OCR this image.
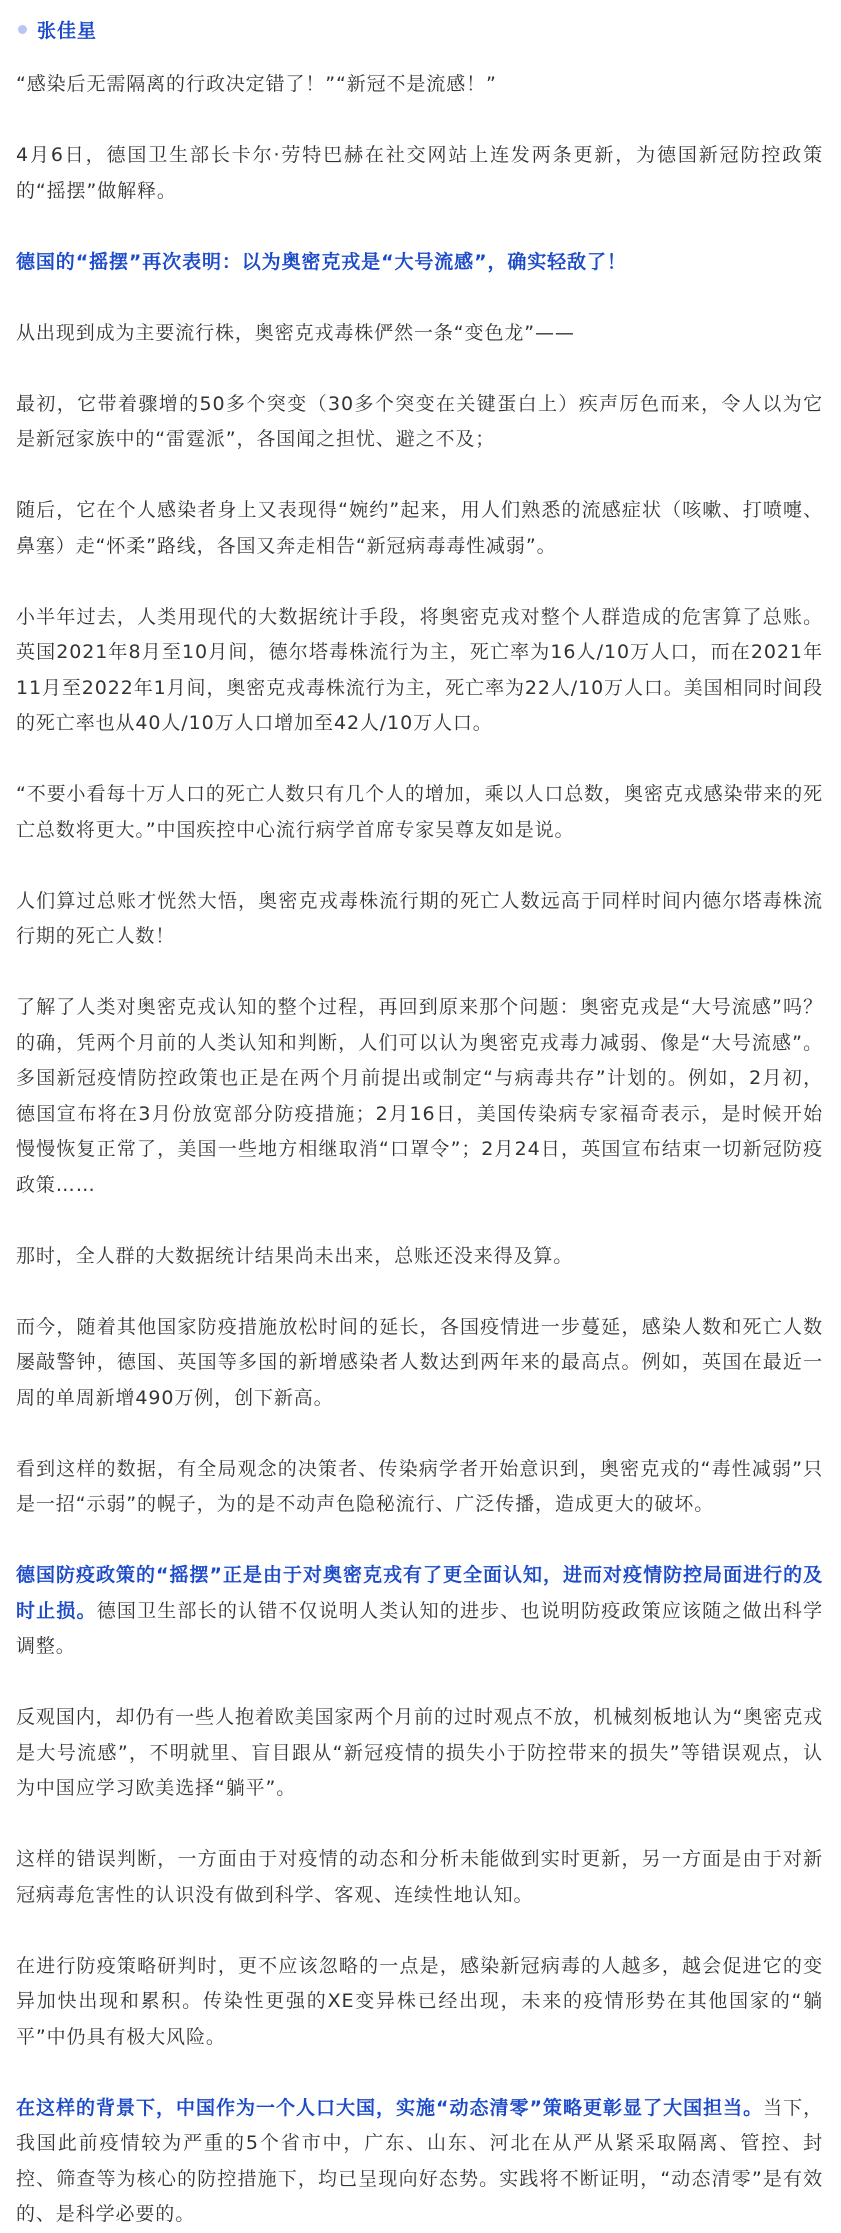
张佳星

“感染后无需隔离的行政决定错了！”“新冠不是流感！”

4月6日，德国卫生部长卡尔·劳特巴赫在社交网站上连发两条更新，为德国新冠防控政策的“摇摆”做解释。

德国的“摇摆”再次表明：以为奥密克戎是“大号流感”，确实轻敌了！

从出现到成为主要流行株，奥密克戎毒株俨然一条“变色龙”——

最初，它带着骤增的50多个突变（30多个突变在关键蛋白上）疾声厉色而来，令人以为它是新冠家族中的“雷霆派”，各国闻之担忧、避之不及；

随后，它在个人感染者身上又表现得“婉约”起来，用人们熟悉的流感症状（咳嗽、打喷嚏、鼻塞）走“怀柔”路线，各国又奔走相告“新冠病毒毒性减弱”。

小半年过去，人类用现代的大数据统计手段，将奥密克戎对整个人群造成的危害算了总账。英国2021年8月至10月间，德尔塔毒株流行为主，死亡率为16人/10万人口，而在2021年11月至2022年1月间，奥密克戎毒株流行为主，死亡率为22人/10万人口。美国相同时间段的死亡率也从40人/10万人口增加至42人/10万人口。

“不要小看每十万人口的死亡人数只有几个人的增加，乘以人口总数，奥密克戎感染带来的死亡总数将更大。”中国疾控中心流行病学首席专家吴尊友如是说。

人们算过总账才恍然大悟，奥密克戎毒株流行期的死亡人数远高于同样时间内德尔塔毒株流行期的死亡人数！

了解了人类对奥密克戎认知的整个过程，再回到原来那个问题：奥密克戎是“大号流感”吗？的确，凭两个月前的人类认知和判断，人们可以认为奥密克戎毒力减弱、像是“大号流感”。多国新冠疫情防控政策也正是在两个月前提出或制定“与病毒共存”计划的。例如，2月初，德国宣布将在3月份放宽部分防疫措施；2月16日，美国传染病专家福奇表示，是时候开始慢慢恢复正常了，美国一些地方相继取消“口罩令”；2月24日，英国宣布结束一切新冠防疫政策……

那时，全人群的大数据统计结果尚未出来，总账还没来得及算。

而今，随着其他国家防疫措施放松时间的延长，各国疫情进一步蔓延，感染人数和死亡人数屡敲警钟，德国、英国等多国的新增感染者人数达到两年来的最高点。例如，英国在最近一周的单周新增490万例，创下新高。

看到这样的数据，有全局观念的决策者、传染病学者开始意识到，奥密克戎的“毒性减弱”只是一招“示弱”的幌子，为的是不动声色隐秘流行、广泛传播，造成更大的破坏。

德国防疫政策的“摇摆”正是由于对奥密克戎有了更全面认知，进而对疫情防控局面进行的及时止损。德国卫生部长的认错不仅说明人类认知的进步、也说明防疫政策应该随之做出科学调整。

反观国内，却仍有一些人抱着欧美国家两个月前的过时观点不放，机械刻板地认为“奥密克戎是大号流感”，不明就里、盲目跟从“新冠疫情的损失小于防控带来的损失”等错误观点，认为中国应学习欧美选择“躺平”。

这样的错误判断，一方面由于对疫情的动态和分析未能做到实时更新，另一方面是由于对新冠病毒危害性的认识没有做到科学、客观、连续性地认知。

在进行防疫策略研判时，更不应该忽略的一点是，感染新冠病毒的人越多，越会促进它的变异加快出现和累积。传染性更强的XE变异株已经出现，未来的疫情形势在其他国家的“躺平”中仍具有极大风险。

在这样的背景下，中国作为一个人口大国，实施“动态清零”策略更彰显了大国担当。当下，我国此前疫情较为严重的5个省市中，广东、山东、河北在从严从紧采取隔离、管控、封控、筛查等为核心的防控措施下，均已呈现向好态势。实践将不断证明，“动态清零”是有效的、是科学必要的。
